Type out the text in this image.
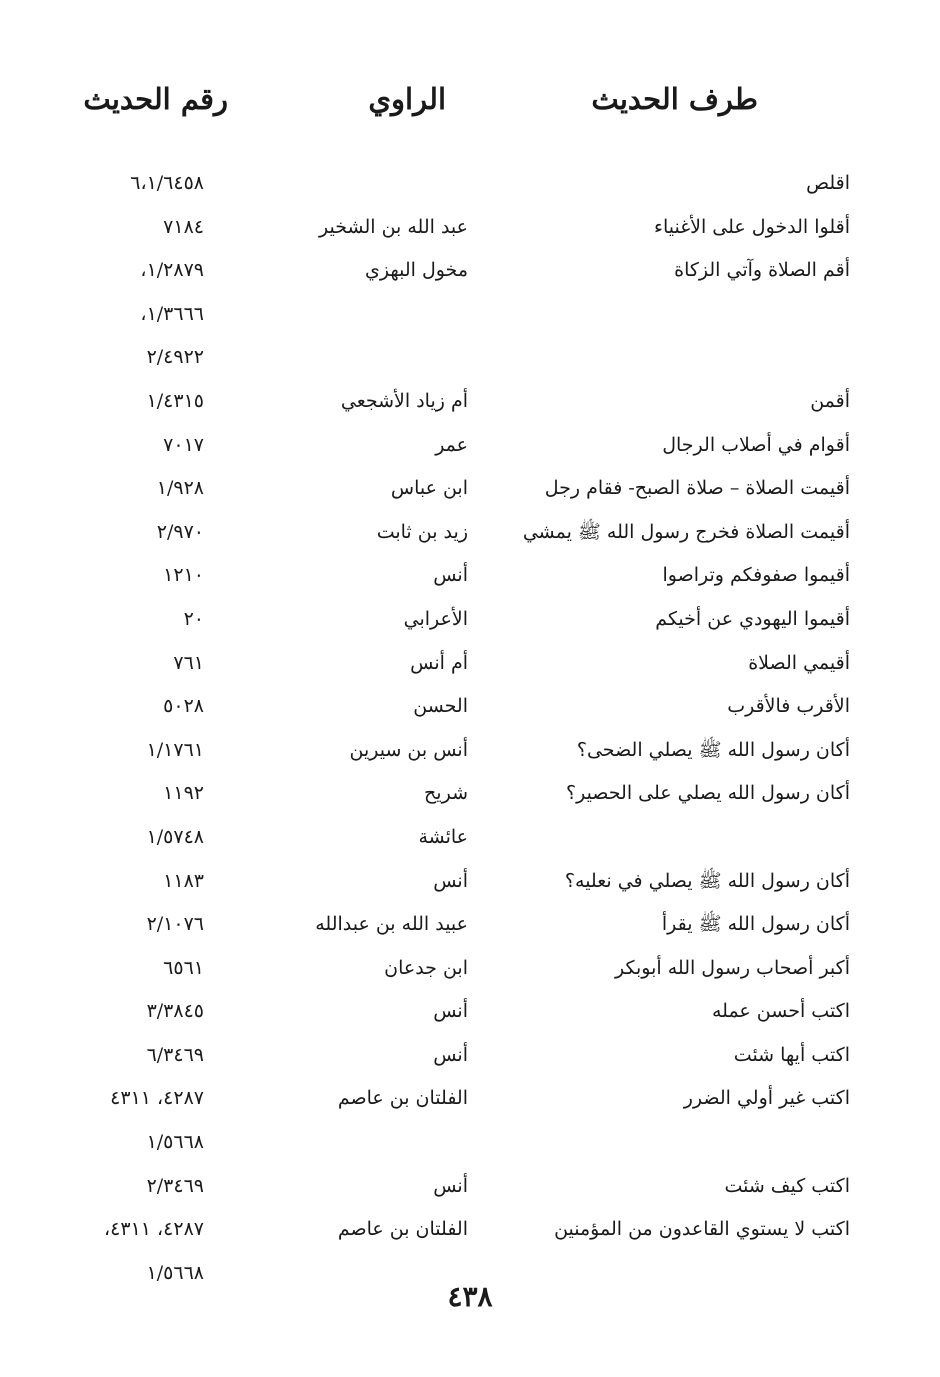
طرف الحديث
الراوي
رقم الحديث
اقلص
٦،١/٦٤٥٨
أقلوا الدخول على الأغنياء
عبد الله بن الشخير
٧١٨٤
أقم الصلاة وآتي الزكاة
مخول البهزي
١/٢٨٧٩،
١/٣٦٦٦،
٢/٤٩٢٢
أقمن
أم زياد الأشجعي
١/٤٣١٥
أقوام في أصلاب الرجال
عمر
٧٠١٧
أقيمت الصلاة – صلاة الصبح- فقام رجل
ابن عباس
١/٩٢٨
أقيمت الصلاة فخرج رسول الله ﷺ يمشي
زيد بن ثابت
٢/٩٧٠
أقيموا صفوفكم وتراصوا
أنس
١٢١٠
أقيموا اليهودي عن أخيكم
الأعرابي
٢٠
أقيمي الصلاة
أم أنس
٧٦١
الأقرب فالأقرب
الحسن
٥٠٢٨
أكان رسول الله ﷺ يصلي الضحى؟
أنس بن سيرين
١/١٧٦١
أكان رسول الله يصلي على الحصير؟
شريح
١١٩٢
عائشة
١/٥٧٤٨
أكان رسول الله ﷺ يصلي في نعليه؟
أنس
١١٨٣
أكان رسول الله ﷺ يقرأ
عبيد الله بن عبدالله
٢/١٠٧٦
أكبر أصحاب رسول الله أبوبكر
ابن جدعان
٦٥٦١
اكتب أحسن عمله
أنس
٣/٣٨٤٥
اكتب أيها شئت
أنس
٦/٣٤٦٩
اكتب غير أولي الضرر
الفلتان بن عاصم
٤٢٨٧، ٤٣١١
١/٥٦٦٨
اكتب كيف شئت
أنس
٢/٣٤٦٩
اكتب لا يستوي القاعدون من المؤمنين
الفلتان بن عاصم
٤٢٨٧، ٤٣١١،
١/٥٦٦٨
٤٣٨
